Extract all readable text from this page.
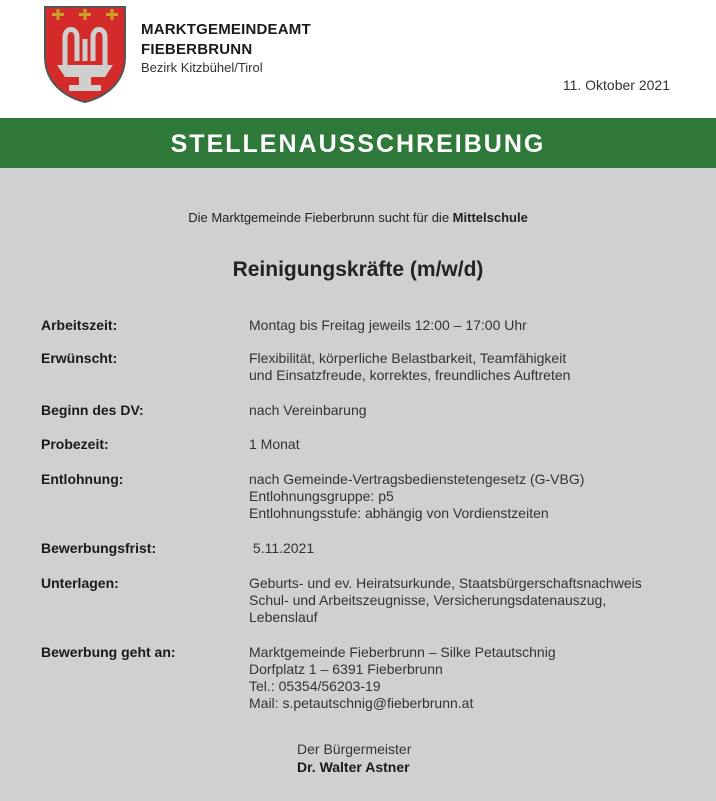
MARKTGEMEINDEAMT
FIEBERBRUNN
Bezirk Kitzbühel/Tirol
11. Oktober 2021
STELLENAUSSCHREIBUNG
Die Marktgemeinde Fieberbrunn sucht für die Mittelschule
Reinigungskräfte (m/w/d)
Arbeitszeit:	Montag bis Freitag jeweils 12:00 – 17:00 Uhr
Erwünscht:	Flexibilität, körperliche Belastbarkeit, Teamfähigkeit
und Einsatzfreude, korrektes, freundliches Auftreten
Beginn des DV:	nach Vereinbarung
Probezeit:	1 Monat
Entlohnung:	nach Gemeinde-Vertragsbedienstetengesetz (G-VBG)
Entlohnungsgruppe: p5
Entlohnungsstufe: abhängig von Vordienstzeiten
Bewerbungsfrist:	5.11.2021
Unterlagen:	Geburts- und ev. Heiratsurkunde, Staatsbürgerschaftsnachweis
Schul- und Arbeitszeugnisse, Versicherungsdatenauszug,
Lebenslauf
Bewerbung geht an:	Marktgemeinde Fieberbrunn – Silke Petautschnig
Dorfplatz 1 – 6391 Fieberbrunn
Tel.: 05354/56203-19
Mail: s.petautschnig@fieberbrunn.at
Der Bürgermeister
Dr. Walter Astner
